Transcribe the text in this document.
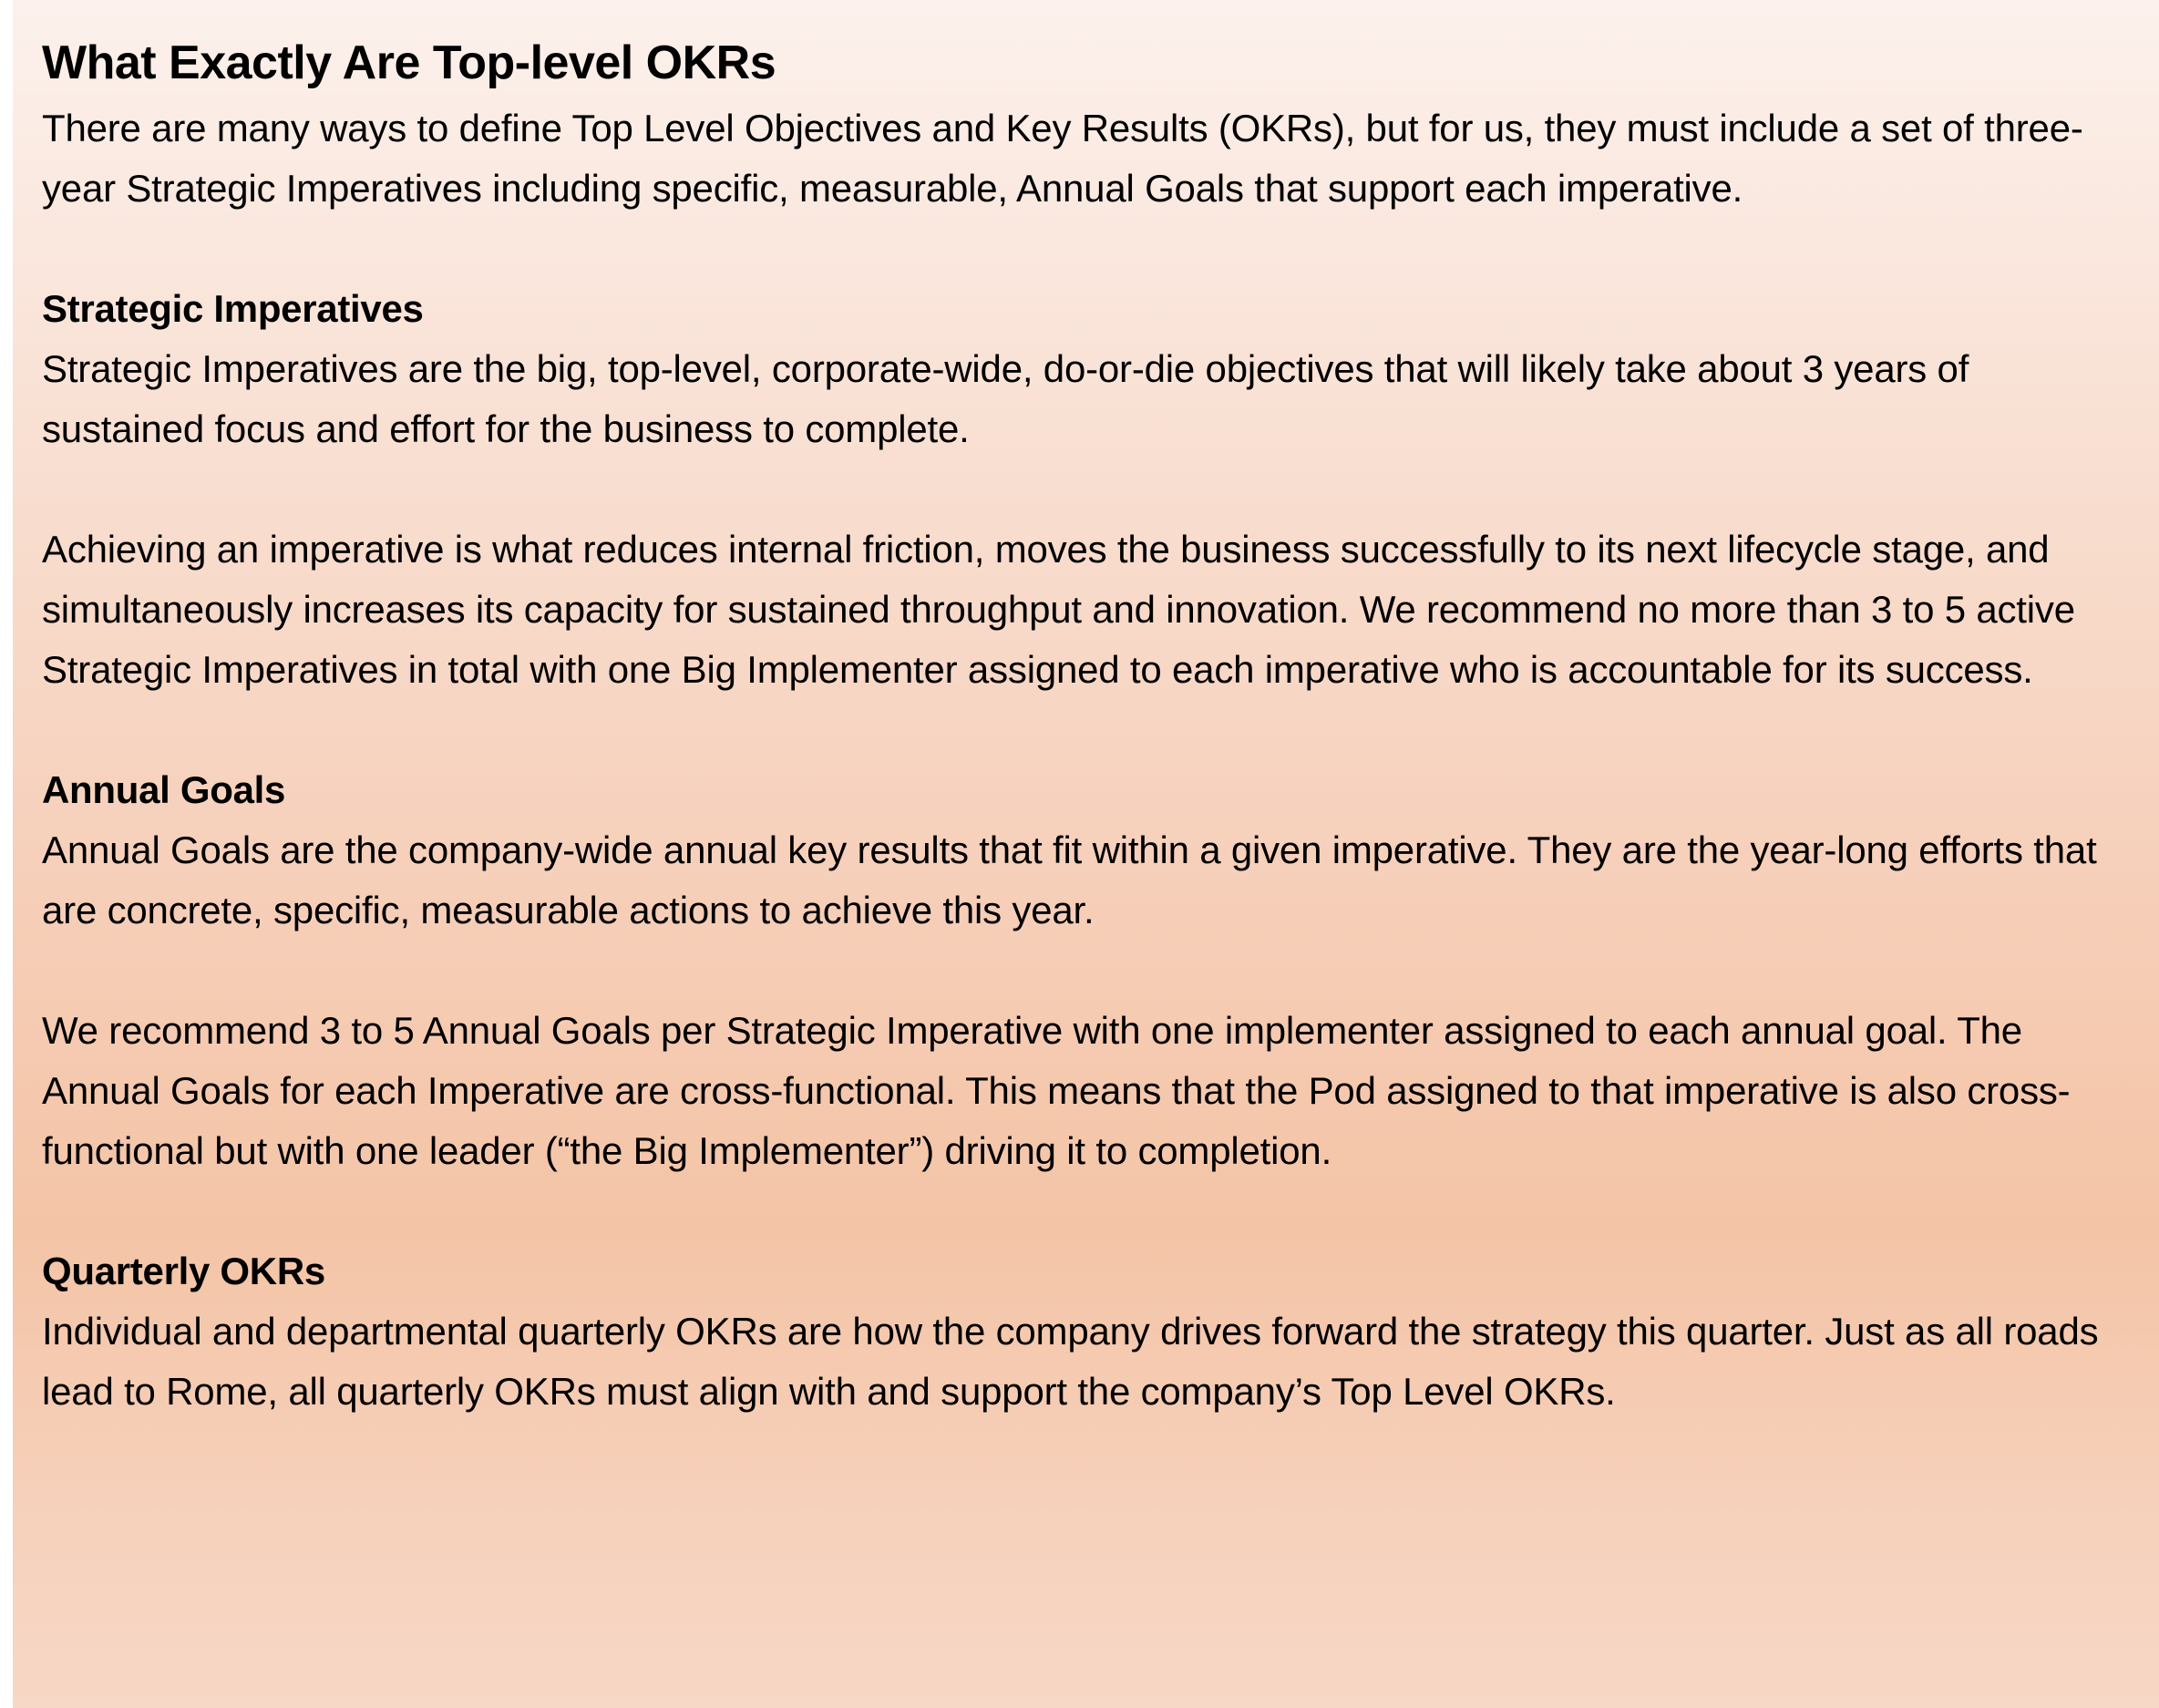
What Exactly Are Top-level OKRs

There are many ways to define Top Level Objectives and Key Results (OKRs), but for us, they must include a set of three-year Strategic Imperatives including specific, measurable, Annual Goals that support each imperative.

Strategic Imperatives

Strategic Imperatives are the big, top-level, corporate-wide, do-or-die objectives that will likely take about 3 years of sustained focus and effort for the business to complete.

Achieving an imperative is what reduces internal friction, moves the business successfully to its next lifecycle stage, and simultaneously increases its capacity for sustained throughput and innovation. We recommend no more than 3 to 5 active Strategic Imperatives in total with one Big Implementer assigned to each imperative who is accountable for its success.

Annual Goals

Annual Goals are the company-wide annual key results that fit within a given imperative. They are the year-long efforts that are concrete, specific, measurable actions to achieve this year.

We recommend 3 to 5 Annual Goals per Strategic Imperative with one implementer assigned to each annual goal. The Annual Goals for each Imperative are cross-functional. This means that the Pod assigned to that imperative is also cross-functional but with one leader (“the Big Implementer”) driving it to completion.

Quarterly OKRs

Individual and departmental quarterly OKRs are how the company drives forward the strategy this quarter. Just as all roads lead to Rome, all quarterly OKRs must align with and support the company’s Top Level OKRs.
